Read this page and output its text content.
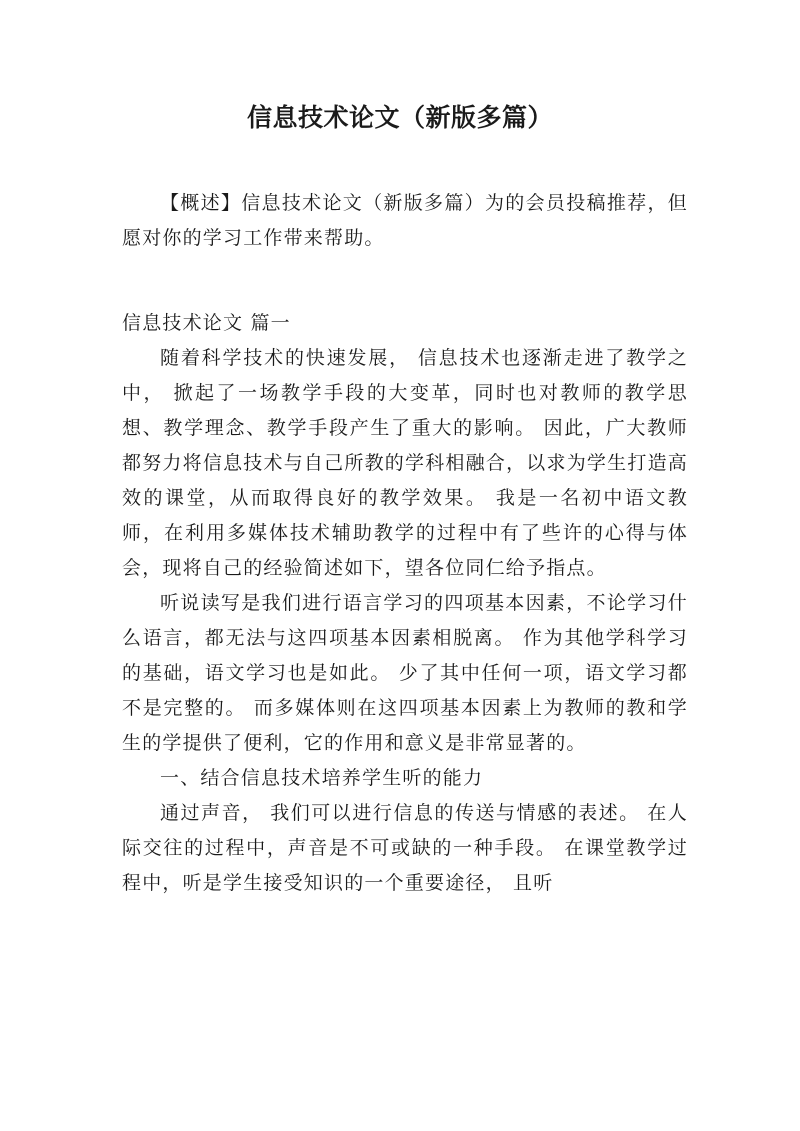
信息技术论文（新版多篇）

【概述】信息技术论文（新版多篇）为的会员投稿推荐，但愿对你的学习工作带来帮助。

信息技术论文 篇一

随着科学技术的快速发展， 信息技术也逐渐走进了教学之中， 掀起了一场教学手段的大变革，同时也对教师的教学思想、教学理念、教学手段产生了重大的影响。 因此，广大教师都努力将信息技术与自己所教的学科相融合，以求为学生打造高效的课堂，从而取得良好的教学效果。 我是一名初中语文教师，在利用多媒体技术辅助教学的过程中有了些许的心得与体会，现将自己的经验简述如下，望各位同仁给予指点。

听说读写是我们进行语言学习的四项基本因素，不论学习什么语言，都无法与这四项基本因素相脱离。 作为其他学科学习的基础，语文学习也是如此。 少了其中任何一项，语文学习都不是完整的。 而多媒体则在这四项基本因素上为教师的教和学生的学提供了便利，它的作用和意义是非常显著的。

一、结合信息技术培养学生听的能力

通过声音， 我们可以进行信息的传送与情感的表述。 在人际交往的过程中，声音是不可或缺的一种手段。 在课堂教学过程中，听是学生接受知识的一个重要途径， 且听
